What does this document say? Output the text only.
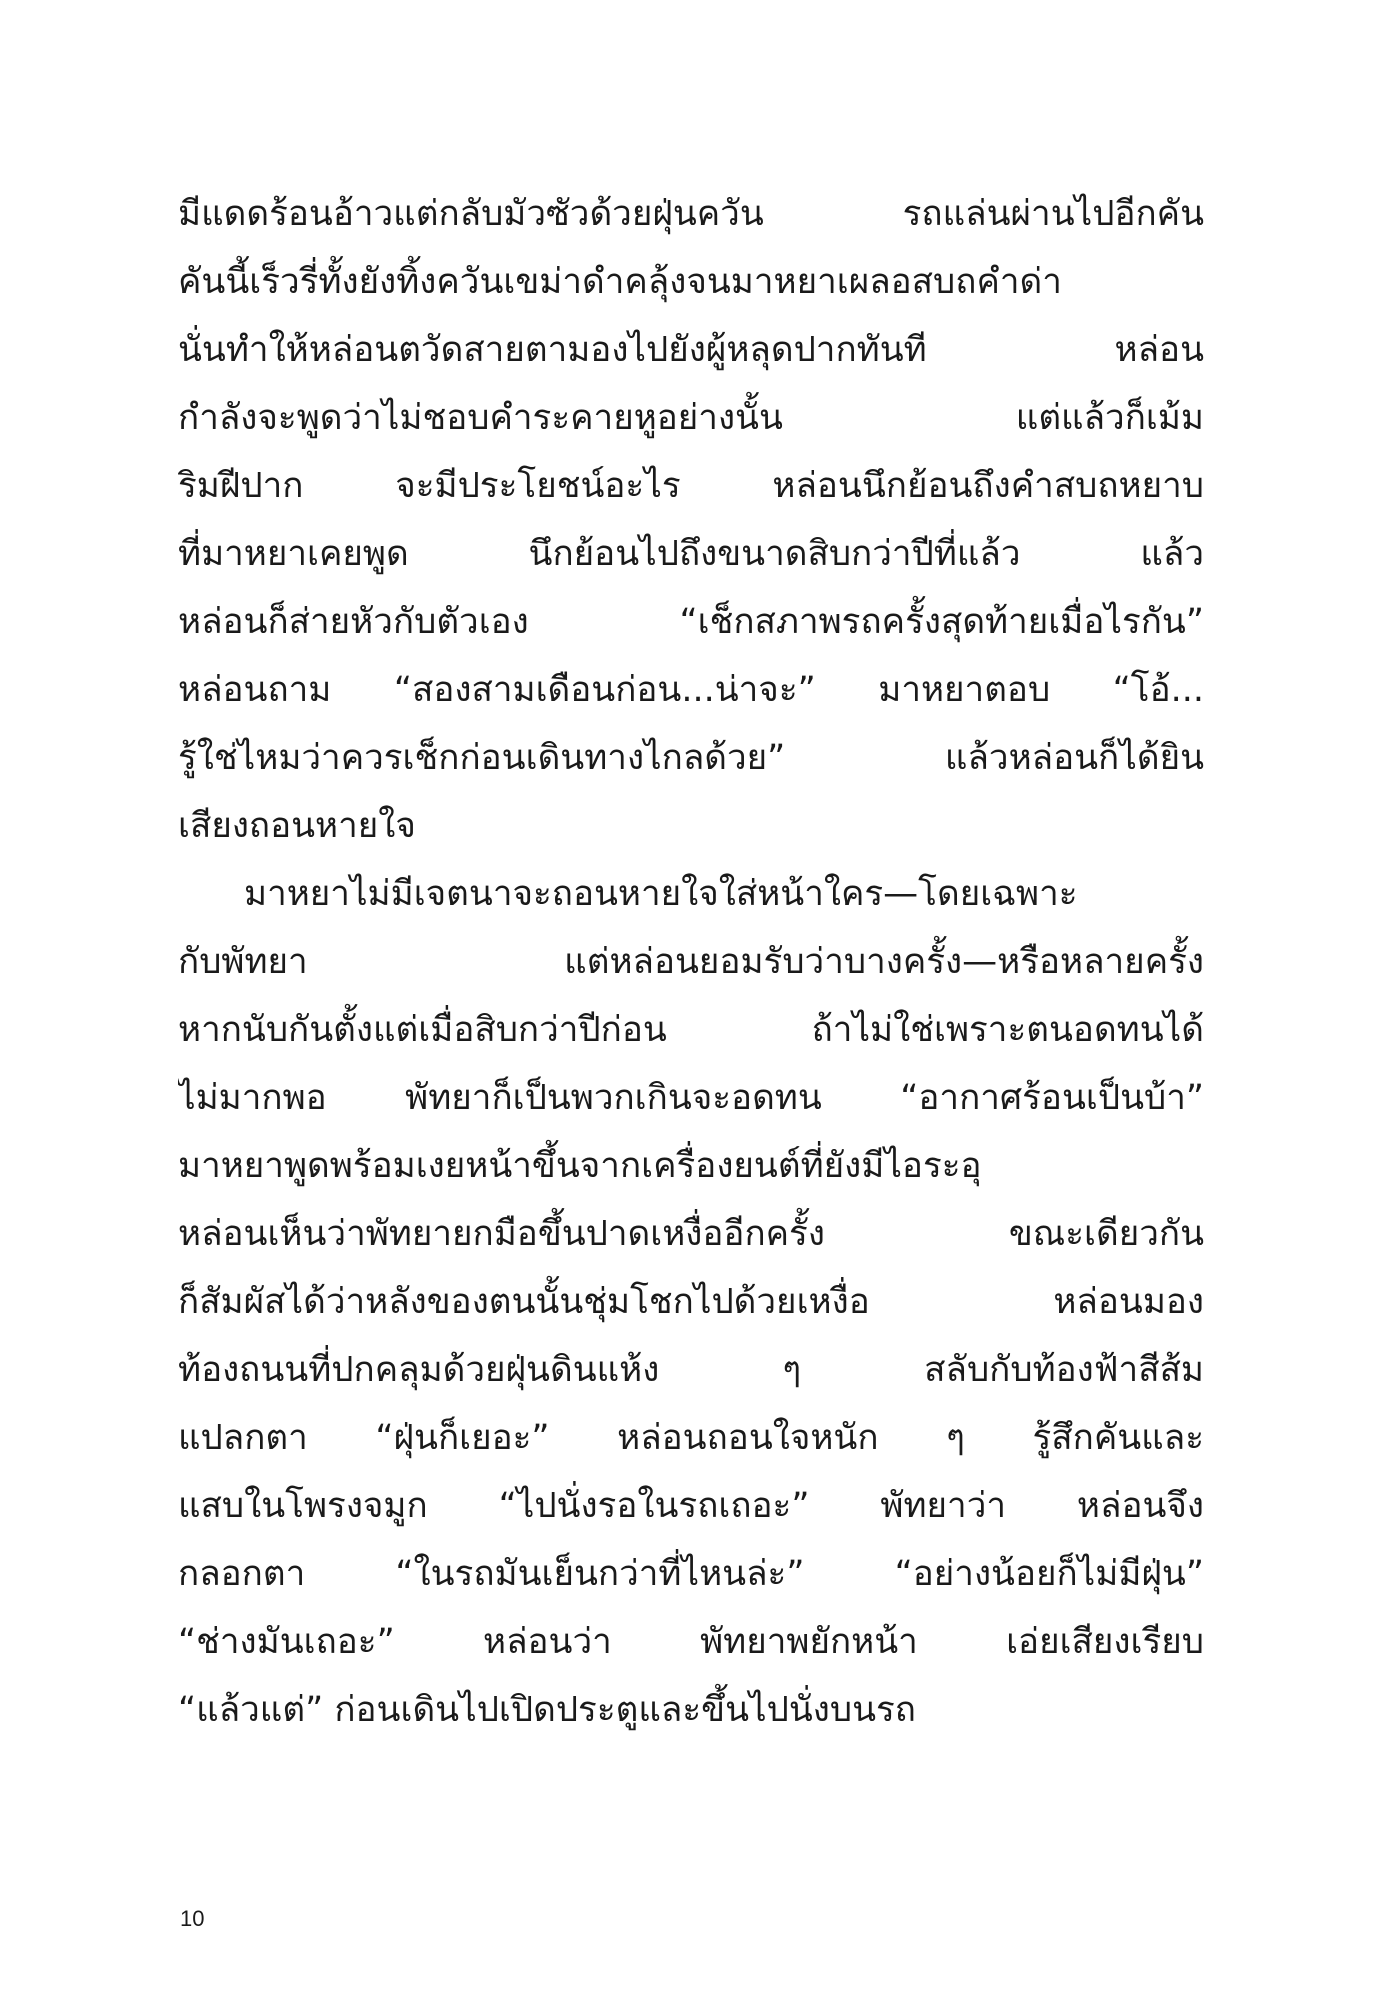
มีแดดร้อนอ้าวแต่กลับมัวซัวด้วยฝุ่นควัน รถแล่นผ่านไปอีกคัน
คันนี้เร็วรี่ทั้งยังทิ้งควันเขม่าดำคลุ้งจนมาหยาเผลอสบถคำด่า
นั่นทำให้หล่อนตวัดสายตามองไปยังผู้หลุดปากทันที หล่อน
กำลังจะพูดว่าไม่ชอบคำระคายหูอย่างนั้น แต่แล้วก็เม้ม
ริมฝีปาก จะมีประโยชน์อะไร หล่อนนึกย้อนถึงคำสบถหยาบ
ที่มาหยาเคยพูด นึกย้อนไปถึงขนาดสิบกว่าปีที่แล้ว แล้ว
หล่อนก็ส่ายหัวกับตัวเอง “เช็กสภาพรถครั้งสุดท้ายเมื่อไรกัน”
หล่อนถาม “สองสามเดือนก่อน...น่าจะ” มาหยาตอบ “โอ้...
รู้ใช่ไหมว่าควรเช็กก่อนเดินทางไกลด้วย” แล้วหล่อนก็ได้ยิน
เสียงถอนหายใจ
มาหยาไม่มีเจตนาจะถอนหายใจใส่หน้าใคร—โดยเฉพาะ
กับพัทยา แต่หล่อนยอมรับว่าบางครั้ง—หรือหลายครั้ง
หากนับกันตั้งแต่เมื่อสิบกว่าปีก่อน ถ้าไม่ใช่เพราะตนอดทนได้
ไม่มากพอ พัทยาก็เป็นพวกเกินจะอดทน “อากาศร้อนเป็นบ้า”
มาหยาพูดพร้อมเงยหน้าขึ้นจากเครื่องยนต์ที่ยังมีไอระอุ
หล่อนเห็นว่าพัทยายกมือขึ้นปาดเหงื่ออีกครั้ง ขณะเดียวกัน
ก็สัมผัสได้ว่าหลังของตนนั้นชุ่มโชกไปด้วยเหงื่อ หล่อนมอง
ท้องถนนที่ปกคลุมด้วยฝุ่นดินแห้ง ๆ สลับกับท้องฟ้าสีส้ม
แปลกตา “ฝุ่นก็เยอะ” หล่อนถอนใจหนัก ๆ รู้สึกคันและ
แสบในโพรงจมูก “ไปนั่งรอในรถเถอะ” พัทยาว่า หล่อนจึง
กลอกตา “ในรถมันเย็นกว่าที่ไหนล่ะ” “อย่างน้อยก็ไม่มีฝุ่น”
“ช่างมันเถอะ” หล่อนว่า พัทยาพยักหน้า เอ่ยเสียงเรียบ
“แล้วแต่” ก่อนเดินไปเปิดประตูและขึ้นไปนั่งบนรถ
10
